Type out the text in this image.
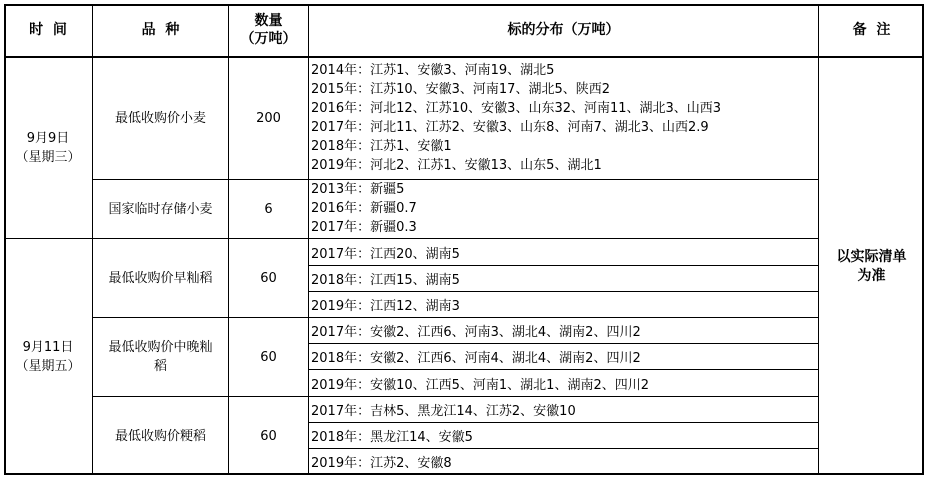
时  间	品  种
数量
（万吨）
标的分布（万吨）	备  注
9月9日
（星期三）
9月11日
（星期五）
最低收购价小麦
国家临时存储小麦
最低收购价早籼稻
最低收购价中晚籼
稻
最低收购价粳稻
200
6
60
60
60
2014年：江苏1、安徽3、河南19、湖北5
2015年：江苏10、安徽3、河南17、湖北5、陕西2
2016年：河北12、江苏10、安徽3、山东32、河南11、湖北3、山西3
2017年：河北11、江苏2、安徽3、山东8、河南7、湖北3、山西2.9
2018年：江苏1、安徽1
2019年：河北2、江苏1、安徽13、山东5、湖北1
2013年：新疆5
2016年：新疆0.7
2017年：新疆0.3
2017年：江西20、湖南5
2018年：江西15、湖南5
2019年：江西12、湖南3
2017年：安徽2、江西6、河南3、湖北4、湖南2、四川2
2018年：安徽2、江西6、河南4、湖北4、湖南2、四川2
2019年：安徽10、江西5、河南1、湖北1、湖南2、四川2
2017年：吉林5、黑龙江14、江苏2、安徽10
2018年：黑龙江14、安徽5
2019年：江苏2、安徽8
以实际清单
为准
